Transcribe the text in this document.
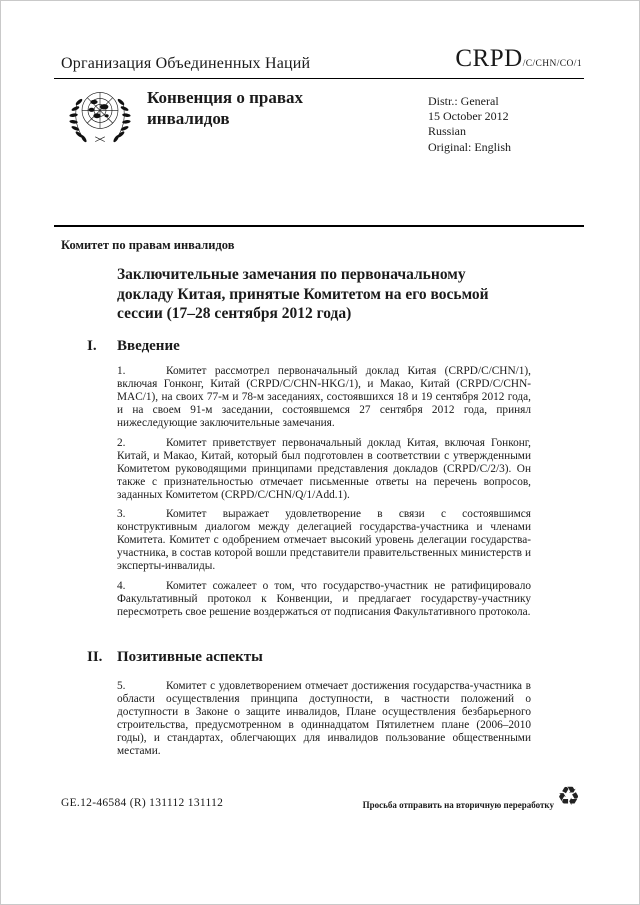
Организация Объединенных Наций	CRPD/C/CHN/CO/1
Конвенция о правах
инвалидов
Distr.: General
15 October 2012
Russian
Original: English
Комитет по правам инвалидов
Заключительные замечания по первоначальному
докладу Китая, принятые Комитетом на его восьмой
сессии (17–28 сентября 2012 года)
I. Введение

1.	Комитет рассмотрел первоначальный доклад Китая (CRPD/C/CHN/1), включая Гонконг, Китай (CRPD/C/CHN-HKG/1), и Макао, Китай (CRPD/C/CHN-MAC/1), на своих 77-м и 78-м заседаниях, состоявшихся 18 и 19 сентября 2012 года, и на своем 91-м заседании, состоявшемся 27 сентября 2012 года, принял нижеследующие заключительные замечания.

2.	Комитет приветствует первоначальный доклад Китая, включая Гонконг, Китай, и Макао, Китай, который был подготовлен в соответствии с утвержденными Комитетом руководящими принципами представления докладов (CRPD/C/2/3). Он также с признательностью отмечает письменные ответы на перечень вопросов, заданных Комитетом (CRPD/C/CHN/Q/1/Add.1).

3.	Комитет выражает удовлетворение в связи с состоявшимся конструктивным диалогом между делегацией государства-участника и членами Комитета. Комитет с одобрением отмечает высокий уровень делегации государства-участника, в состав которой вошли представители правительственных министерств и эксперты-инвалиды.

4.	Комитет сожалеет о том, что государство-участник не ратифицировало Факультативный протокол к Конвенции, и предлагает государству-участнику пересмотреть свое решение воздержаться от подписания Факультативного протокола.

II. Позитивные аспекты

5.	Комитет с удовлетворением отмечает достижения государства-участника в области осуществления принципа доступности, в частности положений о доступности в Законе о защите инвалидов, Плане осуществления безбарьерного строительства, предусмотренном в одиннадцатом Пятилетнем плане (2006–2010 годы), и стандартах, облегчающих для инвалидов пользование общественными местами.

GE.12-46584 (R) 131112 131112	Просьба отправить на вторичную переработку ♻
